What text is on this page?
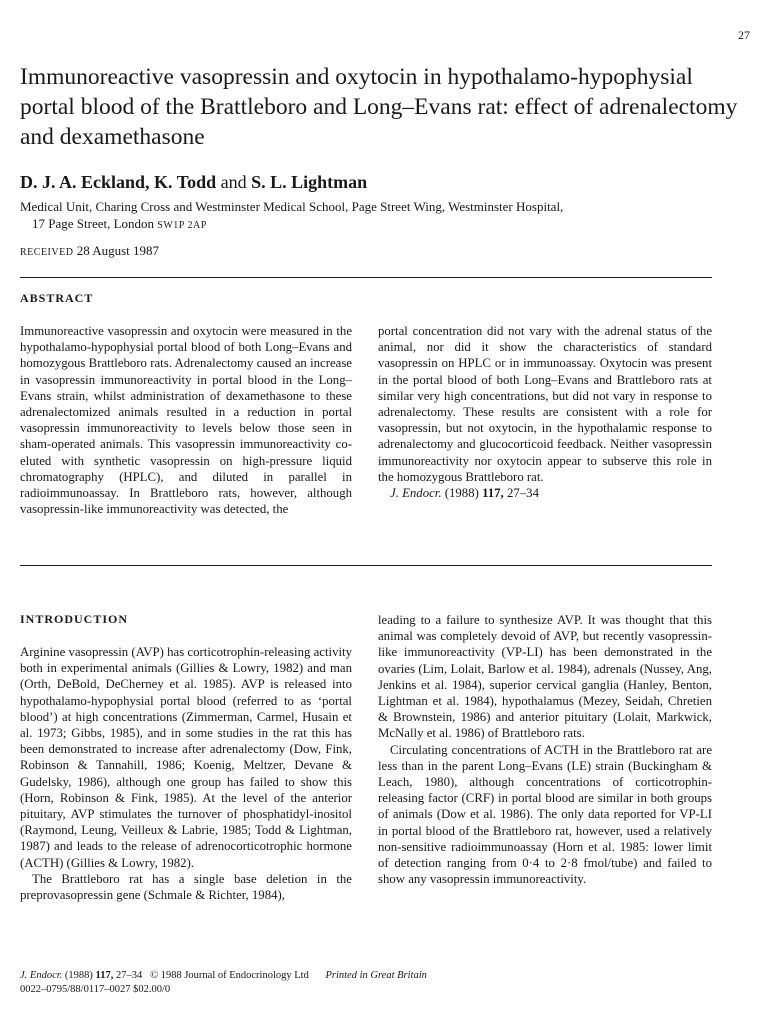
27
Immunoreactive vasopressin and oxytocin in hypothalamo-hypophysial portal blood of the Brattleboro and Long–Evans rat: effect of adrenalectomy and dexamethasone
D. J. A. Eckland, K. Todd and S. L. Lightman
Medical Unit, Charing Cross and Westminster Medical School, Page Street Wing, Westminster Hospital,
17 Page Street, London SW1P 2AP
RECEIVED 28 August 1987
ABSTRACT

Immunoreactive vasopressin and oxytocin were measured in the hypothalamo-hypophysial portal blood of both Long–Evans and homozygous Brattleboro rats. Adrenalectomy caused an increase in vasopressin immunoreactivity in portal blood in the Long–Evans strain, whilst administration of dexamethasone to these adrenalectomized animals resulted in a reduction in portal vasopressin immunoreactivity to levels below those seen in sham-operated animals. This vasopressin immunoreactivity co-eluted with synthetic vasopressin on high-pressure liquid chromatography (HPLC), and diluted in parallel in radioimmunoassay. In Brattleboro rats, however, although vasopressin-like immunoreactivity was detected, the

portal concentration did not vary with the adrenal status of the animal, nor did it show the characteristics of standard vasopressin on HPLC or in immunoassay. Oxytocin was present in the portal blood of both Long–Evans and Brattleboro rats at similar very high concentrations, but did not vary in response to adrenalectomy. These results are consistent with a role for vasopressin, but not oxytocin, in the hypothalamic response to adrenalectomy and glucocorticoid feedback. Neither vasopressin immunoreactivity nor oxytocin appear to subserve this role in the homozygous Brattleboro rat.

J. Endocr. (1988) 117, 27–34

INTRODUCTION

Arginine vasopressin (AVP) has corticotrophin-releasing activity both in experimental animals (Gillies & Lowry, 1982) and man (Orth, DeBold, DeCherney et al. 1985). AVP is released into hypothalamo-hypophysial portal blood (referred to as ‘portal blood’) at high concentrations (Zimmerman, Carmel, Husain et al. 1973; Gibbs, 1985), and in some studies in the rat this has been demonstrated to increase after adrenalectomy (Dow, Fink, Robinson & Tannahill, 1986; Koenig, Meltzer, Devane & Gudelsky, 1986), although one group has failed to show this (Horn, Robinson & Fink, 1985). At the level of the anterior pituitary, AVP stimulates the turnover of phosphatidyl-inositol (Raymond, Leung, Veilleux & Labrie, 1985; Todd & Lightman, 1987) and leads to the release of adrenocorticotrophic hormone (ACTH) (Gillies & Lowry, 1982).

The Brattleboro rat has a single base deletion in the preprovasopressin gene (Schmale & Richter, 1984),

leading to a failure to synthesize AVP. It was thought that this animal was completely devoid of AVP, but recently vasopressin-like immunoreactivity (VP-LI) has been demonstrated in the ovaries (Lim, Lolait, Barlow et al. 1984), adrenals (Nussey, Ang, Jenkins et al. 1984), superior cervical ganglia (Hanley, Benton, Lightman et al. 1984), hypothalamus (Mezey, Seidah, Chretien & Brownstein, 1986) and anterior pituitary (Lolait, Markwick, McNally et al. 1986) of Brattleboro rats.

Circulating concentrations of ACTH in the Brattleboro rat are less than in the parent Long–Evans (LE) strain (Buckingham & Leach, 1980), although concentrations of corticotrophin-releasing factor (CRF) in portal blood are similar in both groups of animals (Dow et al. 1986). The only data reported for VP-LI in portal blood of the Brattleboro rat, however, used a relatively non-sensitive radioimmunoassay (Horn et al. 1985: lower limit of detection ranging from 0·4 to 2·8 fmol/tube) and failed to show any vasopressin immunoreactivity.

J. Endocr. (1988) 117, 27–34 © 1988 Journal of Endocrinology Ltd Printed in Great Britain
0022–0795/88/0117–0027 $02.00/0
